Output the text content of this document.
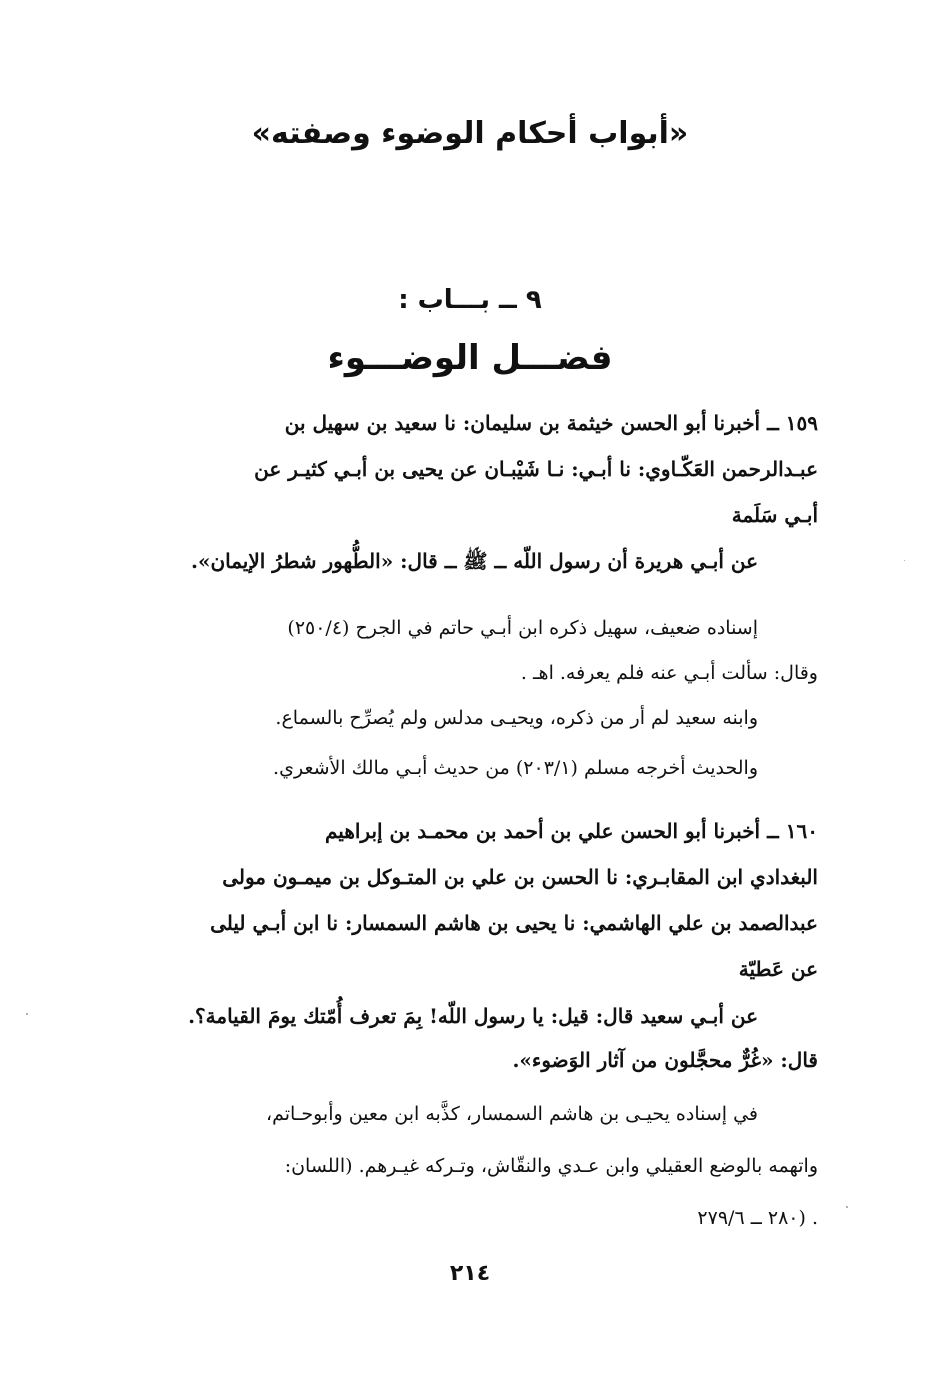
«أبواب أحكام الوضوء وصفته»
٩ ــ بـــاب :
فضـــل الوضـــوء

١٥٩ ــ أخبرنا أبو الحسن خيثمة بن سليمان: نا سعيد بن سهيل بن

عبـدالرحمن العَكّـاوي: نا أبـي: نـا شَيْبـان عن يحيى بن أبـي كثيـر عن

أبـي سَلَمة

عن أبـي هريرة أن رسول اللّه ــ ﷺ ــ قال: «الطُّهور شطرُ الإيمان».

إسناده ضعيف، سهيل ذكره ابن أبـي حاتم في الجرح (٢٥٠/٤)

وقال: سألت أبـي عنه فلم يعرفه. اهـ .

وابنه سعيد لم أر من ذكره، ويحيـى مدلس ولم يُصرِّح بالسماع.

والحديث أخرجه مسلم (٢٠٣/١) من حديث أبـي مالك الأشعري.

١٦٠ ــ أخبرنا أبو الحسن علي بن أحمد بن محمـد بن إبراهيم

البغدادي ابن المقابـري: نا الحسن بن علي بن المتـوكل بن ميمـون مولى

عبدالصمد بن علي الهاشمي: نا يحيى بن هاشم السمسار: نا ابن أبـي ليلى

عن عَطيّة

عن أبـي سعيد قال: قيل: يا رسول اللّه! بِمَ تعرف أُمّتك يومَ القيامة؟.

قال: «غُرٌّ محجَّلون من آثار الوَضوء».

في إسناده يحيـى بن هاشم السمسار، كذَّبه ابن معين وأبوحـاتم،

واتهمه بالوضع العقيلي وابن عـدي والنقّاش، وتـركه غيـرهم. (اللسان:

. (٢٨٠ ــ ٢٧٩/٦

٢١٤
